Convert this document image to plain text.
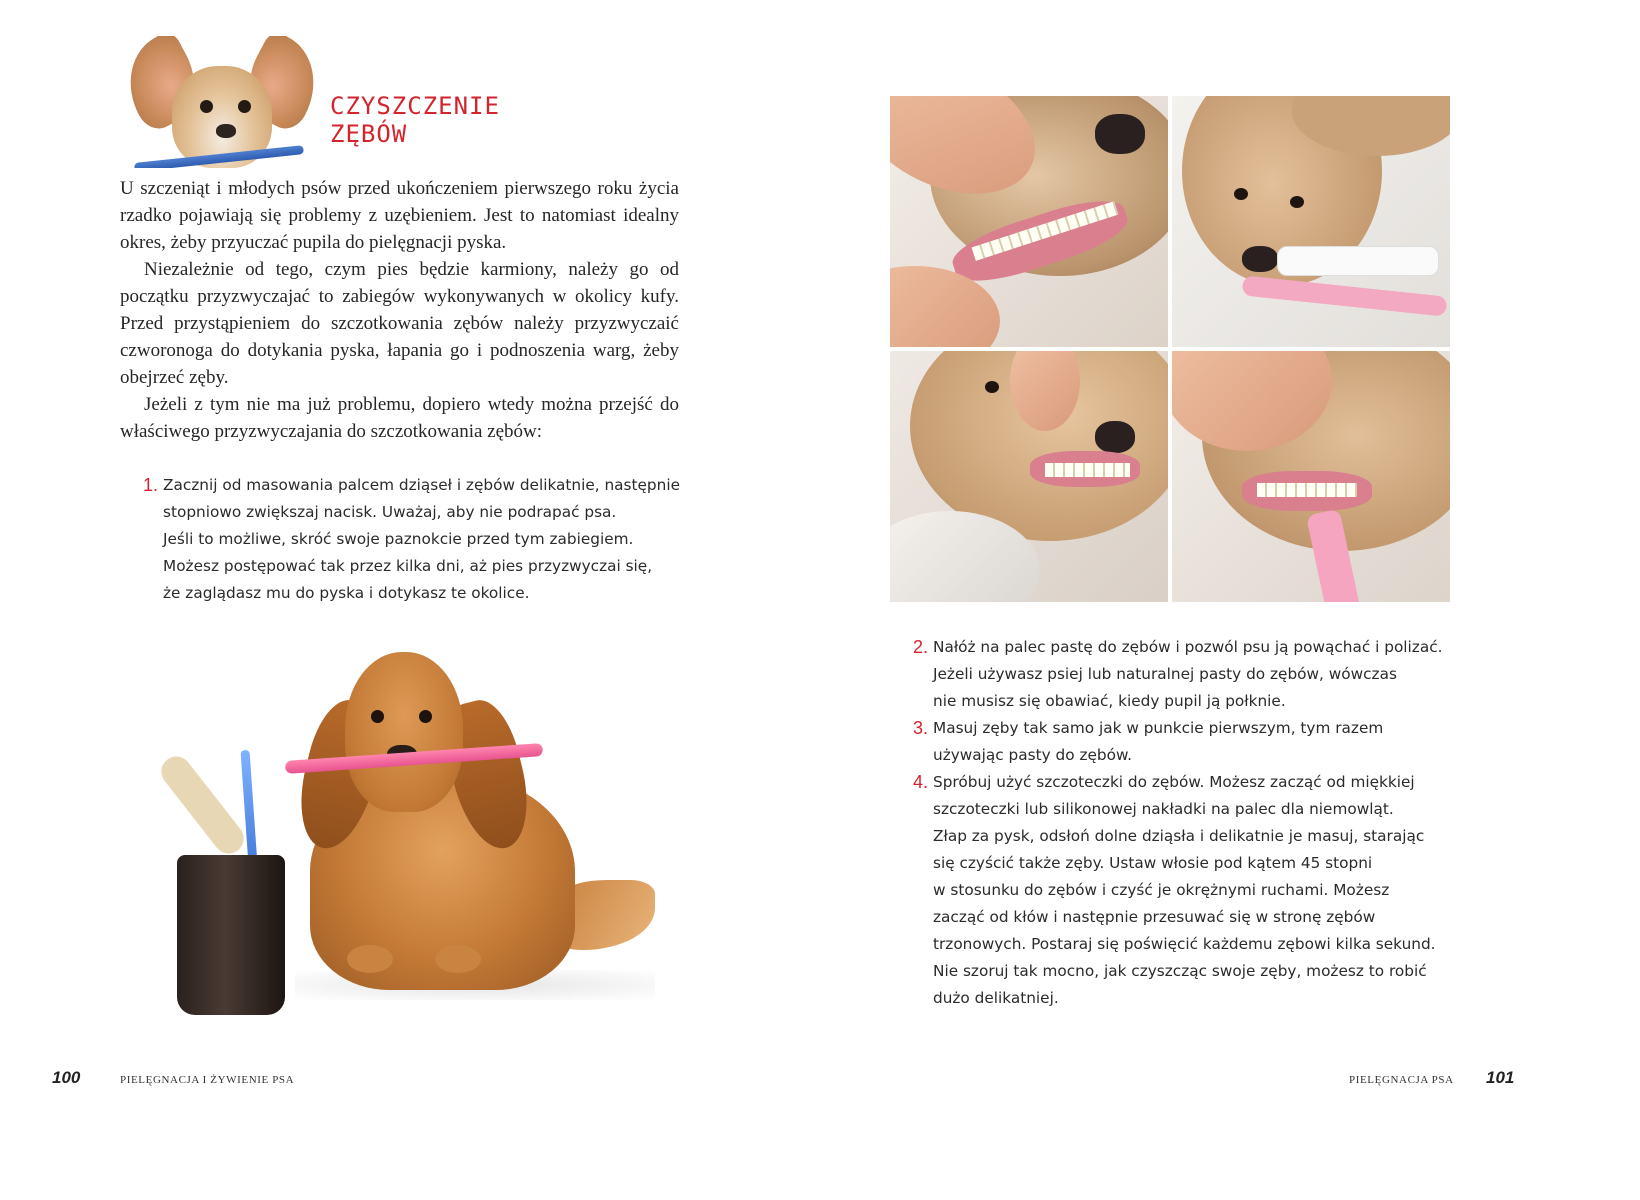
CZYSZCZENIE
ZĘBÓW

U szczeniąt i młodych psów przed ukończeniem pierwszego roku życia rzadko pojawiają się problemy z uzębieniem. Jest to natomiast idealny okres, żeby przyuczać pupila do pielęgnacji pyska.

Niezależnie od tego, czym pies będzie karmiony, należy go od początku przyzwyczajać to zabiegów wykonywanych w okolicy kufy. Przed przystąpieniem do szczotkowania zębów należy przyzwyczaić czworonoga do dotykania pyska, łapania go i podnoszenia warg, żeby obejrzeć zęby.

Jeżeli z tym nie ma już problemu, dopiero wtedy można przejść do właściwego przyzwyczajania do szczotkowania zębów:

1. Zacznij od masowania palcem dziąseł i zębów delikatnie, następnie
stopniowo zwiększaj nacisk. Uważaj, aby nie podrapać psa.
Jeśli to możliwe, skróć swoje paznokcie przed tym zabiegiem.
Możesz postępować tak przez kilka dni, aż pies przyzwyczai się,
że zaglądasz mu do pyska i dotykasz te okolice.
100	PIELĘGNACJA I ŻYWIENIE PSA
2. Nałóż na palec pastę do zębów i pozwól psu ją powąchać i polizać.
Jeżeli używasz psiej lub naturalnej pasty do zębów, wówczas
nie musisz się obawiać, kiedy pupil ją połknie.
3. Masuj zęby tak samo jak w punkcie pierwszym, tym razem
używając pasty do zębów.
4. Spróbuj użyć szczoteczki do zębów. Możesz zacząć od miękkiej
szczoteczki lub silikonowej nakładki na palec dla niemowląt.
Złap za pysk, odsłoń dolne dziąsła i delikatnie je masuj, starając
się czyścić także zęby. Ustaw włosie pod kątem 45 stopni
w stosunku do zębów i czyść je okrężnymi ruchami. Możesz
zacząć od kłów i następnie przesuwać się w stronę zębów
trzonowych. Postaraj się poświęcić każdemu zębowi kilka sekund.
Nie szoruj tak mocno, jak czyszcząc swoje zęby, możesz to robić
dużo delikatniej.
PIELĘGNACJA PSA 101
